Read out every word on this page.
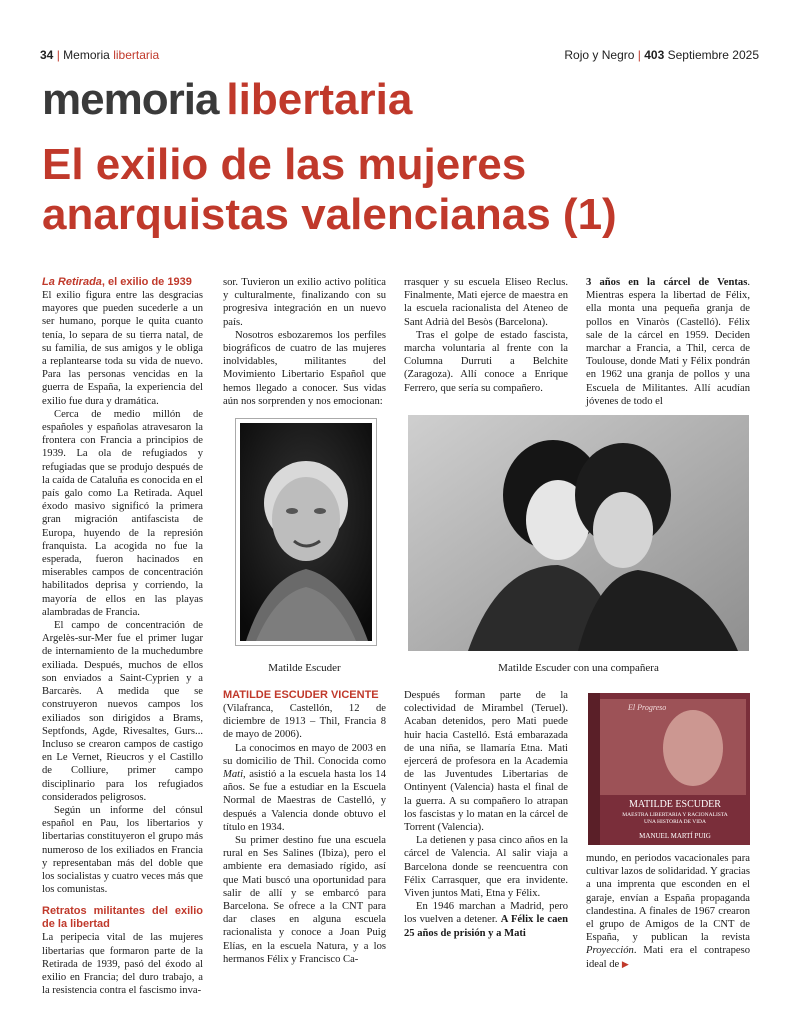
34 | Memoria libertaria	Rojo y Negro | 403 Septiembre 2025
memoria libertaria
El exilio de las mujeres anarquistas valencianas (1)
La Retirada, el exilio de 1939

El exilio figura entre las desgracias mayores que pueden sucederle a un ser humano, porque le quita cuanto tenía, lo separa de su tierra natal, de su familia, de sus amigos y le obliga a replantearse toda su vida de nuevo. Para las personas vencidas en la guerra de España, la experiencia del exilio fue dura y dramática.

Cerca de medio millón de españoles y españolas atravesaron la frontera con Francia a principios de 1939. La ola de refugiados y refugiadas que se produjo después de la caída de Cataluña es conocida en el país galo como La Retirada. Aquel éxodo masivo significó la primera gran migración antifascista de Europa, huyendo de la represión franquista. La acogida no fue la esperada, fueron hacinados en miserables campos de concentración habilitados deprisa y corriendo, la mayoría de ellos en las playas alambradas de Francia.

El campo de concentración de Argelès-sur-Mer fue el primer lugar de internamiento de la muchedumbre exiliada. Después, muchos de ellos son enviados a Saint-Cyprien y a Barcarès. A medida que se construyeron nuevos campos los exiliados son dirigidos a Brams, Septfonds, Agde, Rivesaltes, Gurs... Incluso se crearon campos de castigo en Le Vernet, Rieucros y el Castillo de Colliure, primer campo disciplinario para los refugiados considerados peligrosos.

Según un informe del cónsul español en Pau, los libertarios y libertarias constituyeron el grupo más numeroso de los exiliados en Francia y representaban más del doble que los socialistas y cuatro veces más que los comunistas.

Retratos militantes del exilio de la libertad

La peripecia vital de las mujeres libertarias que formaron parte de la Retirada de 1939, pasó del éxodo al exilio en Francia; del duro trabajo, a la resistencia contra el fascismo inva-

sor. Tuvieron un exilio activo política y culturalmente, finalizando con su progresiva integración en un nuevo país.

Nosotros esbozaremos los perfiles biográficos de cuatro de las mujeres inolvidables, militantes del Movimiento Libertario Español que hemos llegado a conocer. Sus vidas aún nos sorprenden y nos emocionan:

Matilde Escuder
MATILDE ESCUDER VICENTE

(Vilafranca, Castellón, 12 de diciembre de 1913 – Thil, Francia 8 de mayo de 2006).

La conocimos en mayo de 2003 en su domicilio de Thil. Conocida como Mati, asistió a la escuela hasta los 14 años. Se fue a estudiar en la Escuela Normal de Maestras de Castelló, y después a Valencia donde obtuvo el título en 1934.

Su primer destino fue una escuela rural en Ses Salines (Ibiza), pero el ambiente era demasiado rígido, así que Mati buscó una oportunidad para salir de allí y se embarcó para Barcelona. Se ofrece a la CNT para dar clases en alguna escuela racionalista y conoce a Joan Puig Elías, en la escuela Natura, y a los hermanos Félix y Francisco Ca-

rrasquer y su escuela Eliseo Reclus. Finalmente, Mati ejerce de maestra en la escuela racionalista del Ateneo de Sant Adrià del Besòs (Barcelona).

Tras el golpe de estado fascista, marcha voluntaria al frente con la Columna Durruti a Belchite (Zaragoza). Allí conoce a Enrique Ferrero, que sería su compañero.

3 años en la cárcel de Ventas. Mientras espera la libertad de Félix, ella monta una pequeña granja de pollos en Vinaròs (Castelló). Félix sale de la cárcel en 1959. Deciden marchar a Francia, a Thil, cerca de Toulouse, donde Mati y Félix pondrán en 1962 una granja de pollos y una Escuela de Militantes. Allí acudían jóvenes de todo el

Matilde Escuder con una compañera

Después forman parte de la colectividad de Mirambel (Teruel). Acaban detenidos, pero Mati puede huir hacia Castelló. Está embarazada de una niña, se llamaría Etna. Mati ejercerá de profesora en la Academia de las Juventudes Libertarias de Ontinyent (Valencia) hasta el final de la guerra. A su compañero lo atrapan los fascistas y lo matan en la cárcel de Torrent (Valencia).

La detienen y pasa cinco años en la cárcel de Valencia. Al salir viaja a Barcelona donde se reencuentra con Félix Carrasquer, que era invidente. Viven juntos Mati, Etna y Félix.

En 1946 marchan a Madrid, pero los vuelven a detener. A Félix le caen 25 años de prisión y a Mati

El Progreso
MATILDE ESCUDER
MAESTRA LIBERTARIA Y RACIONALISTA
UNA HISTORIA DE VIDA
MANUEL MARTÍ PUIG

mundo, en periodos vacacionales para cultivar lazos de solidaridad. Y gracias a una imprenta que esconden en el garaje, envían a España propaganda clandestina. A finales de 1967 crearon el grupo de Amigos de la CNT de España, y publican la revista Proyección. Mati era el contrapeso ideal de ▶
